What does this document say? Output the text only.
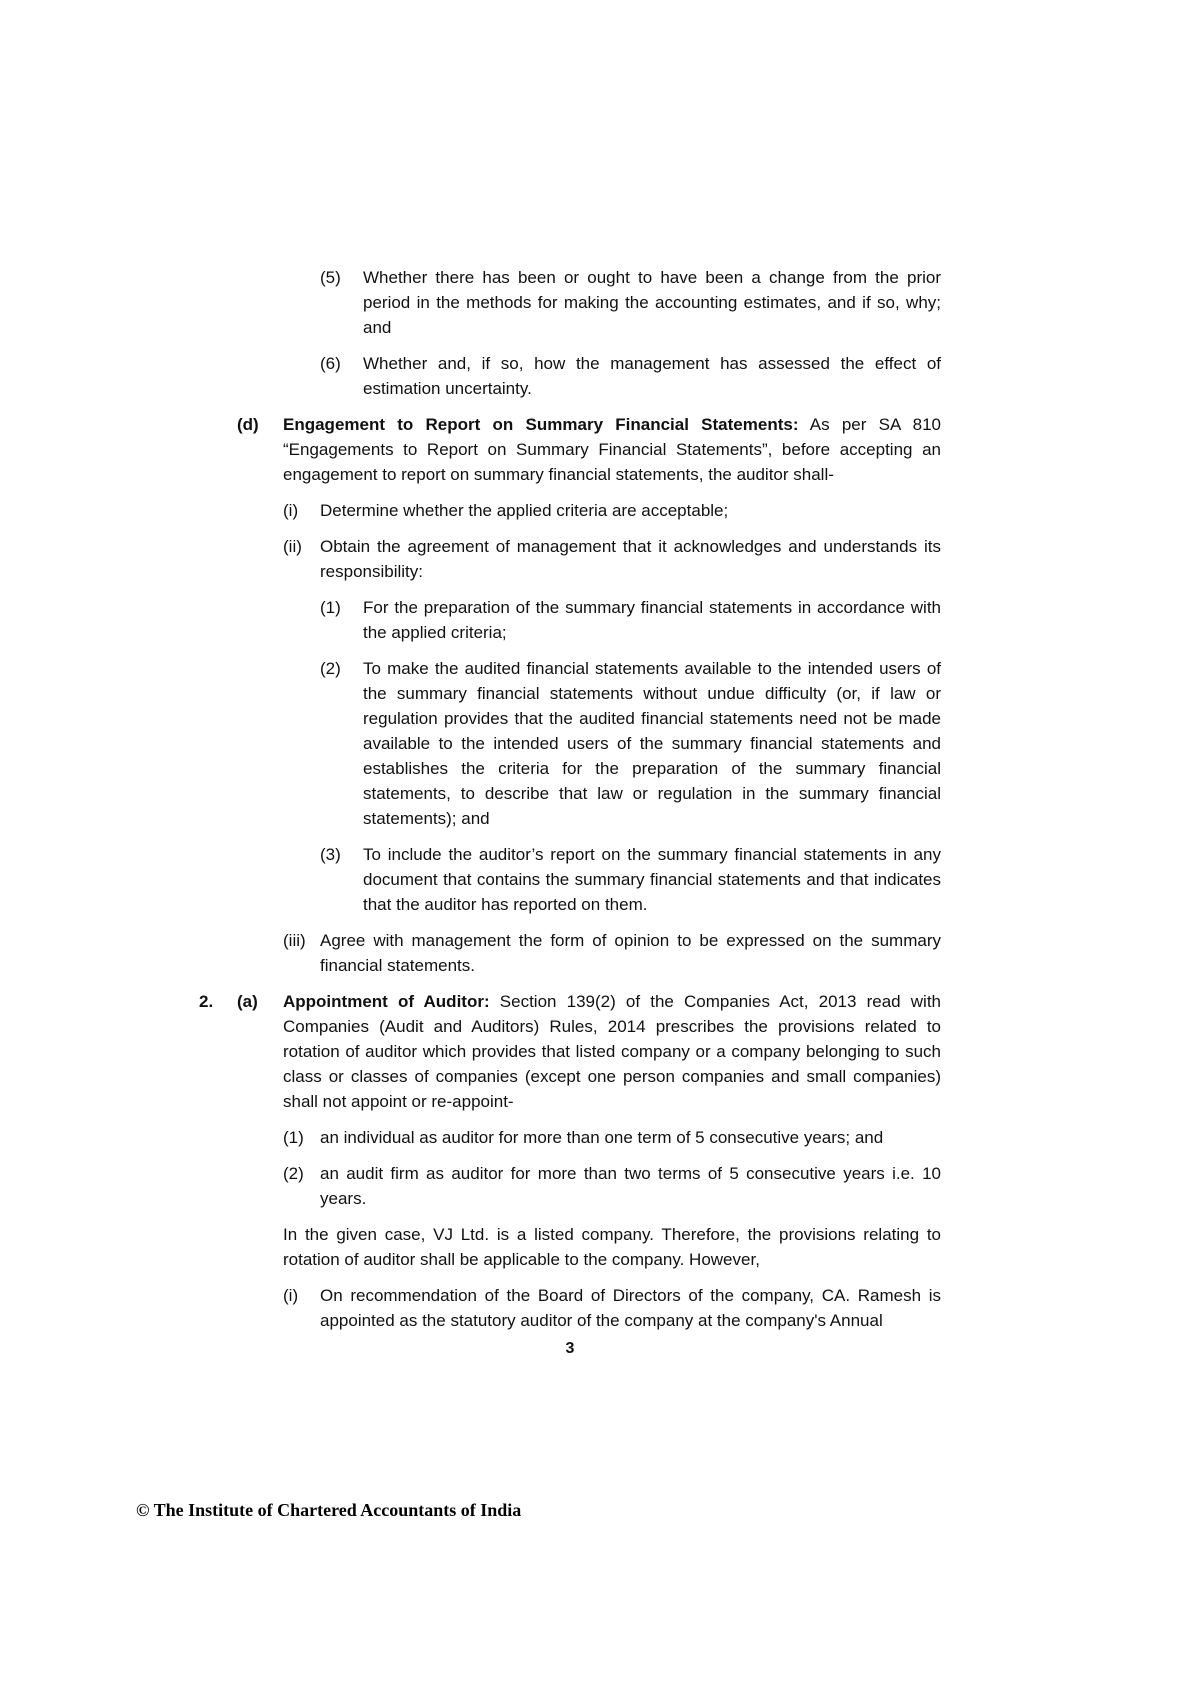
(5)	Whether there has been or ought to have been a change from the prior period in the methods for making the accounting estimates, and if so, why; and
(6)	Whether and, if so, how the management has assessed the effect of estimation uncertainty.
(d)	Engagement to Report on Summary Financial Statements: As per SA 810 “Engagements to Report on Summary Financial Statements”, before accepting an engagement to report on summary financial statements, the auditor shall-
(i)	Determine whether the applied criteria are acceptable;
(ii)	Obtain the agreement of management that it acknowledges and understands its responsibility:
(1)	For the preparation of the summary financial statements in accordance with the applied criteria;
(2)	To make the audited financial statements available to the intended users of the summary financial statements without undue difficulty (or, if law or regulation provides that the audited financial statements need not be made available to the intended users of the summary financial statements and establishes the criteria for the preparation of the summary financial statements, to describe that law or regulation in the summary financial statements); and
(3)	To include the auditor’s report on the summary financial statements in any document that contains the summary financial statements and that indicates that the auditor has reported on them.
(iii) Agree with management the form of opinion to be expressed on the summary financial statements.
2.	(a)	Appointment of Auditor: Section 139(2) of the Companies Act, 2013 read with Companies (Audit and Auditors) Rules, 2014 prescribes the provisions related to rotation of auditor which provides that listed company or a company belonging to such class or classes of companies (except one person companies and small companies) shall not appoint or re-appoint-
(1) an individual as auditor for more than one term of 5 consecutive years; and
(2) an audit firm as auditor for more than two terms of 5 consecutive years i.e. 10 years.
In the given case, VJ Ltd. is a listed company. Therefore, the provisions relating to rotation of auditor shall be applicable to the company. However,
(i)	On recommendation of the Board of Directors of the company, CA. Ramesh is appointed as the statutory auditor of the company at the company's Annual
3
© The Institute of Chartered Accountants of India
